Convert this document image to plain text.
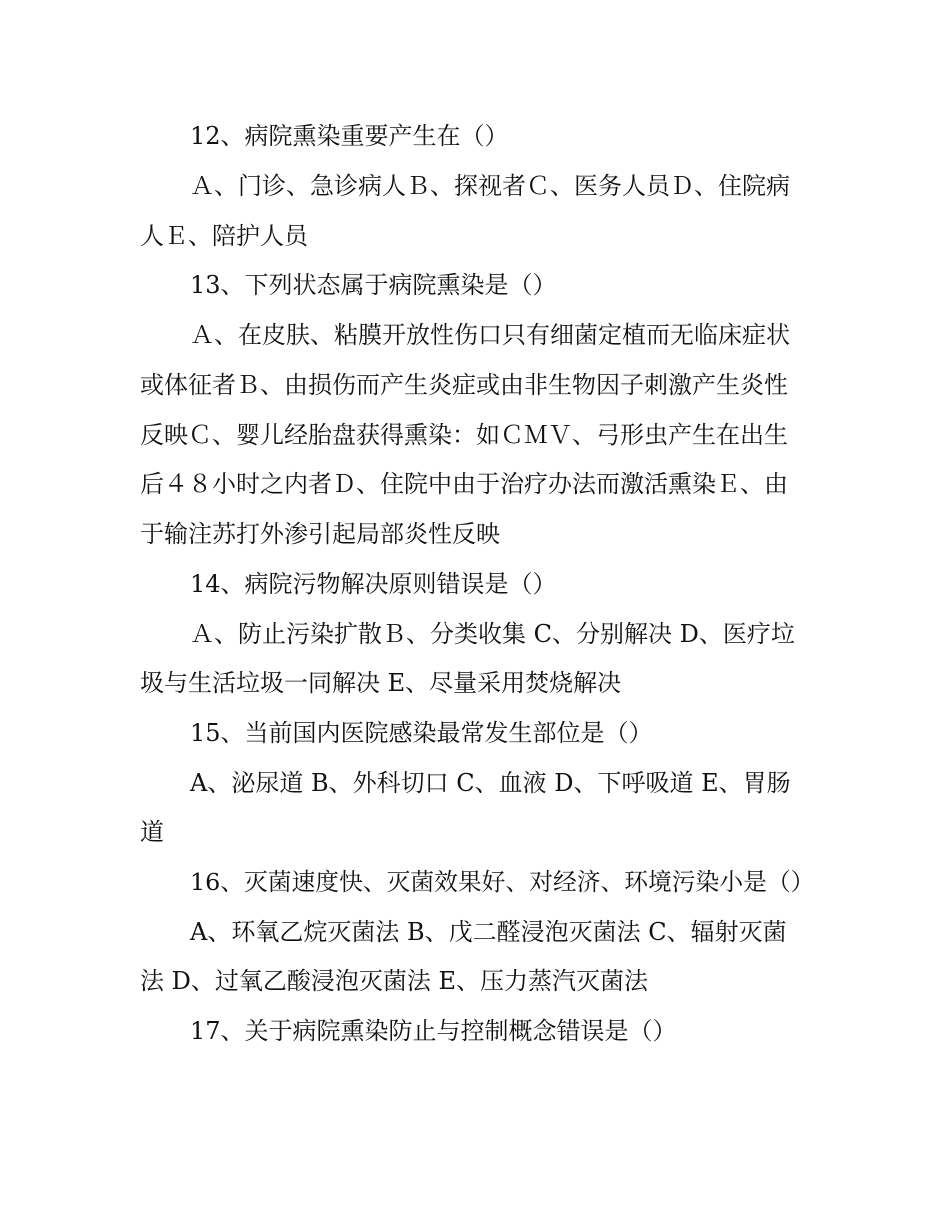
12、病院熏染重要产生在（）
Ａ、门诊、急诊病人Ｂ、探视者Ｃ、医务人员Ｄ、住院病
人Ｅ、陪护人员
13、下列状态属于病院熏染是（）
Ａ、在皮肤、粘膜开放性伤口只有细菌定植而无临床症状
或体征者Ｂ、由损伤而产生炎症或由非生物因子刺激产生炎性
反映Ｃ、婴儿经胎盘获得熏染：如ＣＭＶ、弓形虫产生在出生
后４８小时之内者Ｄ、住院中由于治疗办法而激活熏染Ｅ、由
于输注苏打外渗引起局部炎性反映
14、病院污物解决原则错误是（）
Ａ、防止污染扩散Ｂ、分类收集 C、分别解决 D、医疗垃
圾与生活垃圾一同解决 E、尽量采用焚烧解决
15、当前国内医院感染最常发生部位是（）
A、泌尿道 B、外科切口 C、血液 D、下呼吸道 E、胃肠
道
16、灭菌速度快、灭菌效果好、对经济、环境污染小是（）
A、环氧乙烷灭菌法 B、戊二醛浸泡灭菌法 C、辐射灭菌
法 D、过氧乙酸浸泡灭菌法 E、压力蒸汽灭菌法
17、关于病院熏染防止与控制概念错误是（）
